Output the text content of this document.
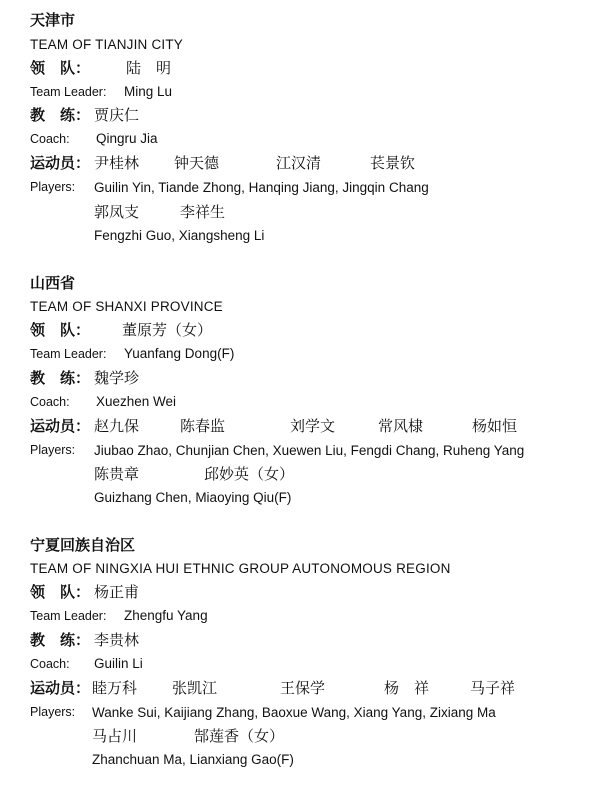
天津市
TEAM OF TIANJIN CITY
领　队： 陆　明
Team Leader: Ming Lu
教　练： 贾庆仁
Coach: Qingru Jia
运动员： 尹桂林 钟天德	江汉清	苌景钦
Players: Guilin Yin, Tiande Zhong, Hanqing Jiang, Jingqin Chang
郭凤支	李祥生
Fengzhi Guo, Xiangsheng Li
山西省
TEAM OF SHANXI PROVINCE
领　队： 董原芳（女）
Team Leader: Yuanfang Dong(F)
教　练： 魏学珍
Coach: Xuezhen Wei
运动员： 赵九保	陈春监	刘学文	常风棣	杨如恒
Players: Jiubao Zhao, Chunjian Chen, Xuewen Liu, Fengdi Chang, Ruheng Yang
陈贵章	邱妙英（女）
Guizhang Chen, Miaoying Qiu(F)
宁夏回族自治区
TEAM OF NINGXIA HUI ETHNIC GROUP AUTONOMOUS REGION
领　队： 杨正甫
Team Leader: Zhengfu Yang
教　练： 李贵林
Coach: Guilin Li
运动员： 睦万科 张凯江	王保学	杨　祥	马子祥
Players: Wanke Sui, Kaijiang Zhang, Baoxue Wang, Xiang Yang, Zixiang Ma
马占川	郜莲香（女）
Zhanchuan Ma, Lianxiang Gao(F)
